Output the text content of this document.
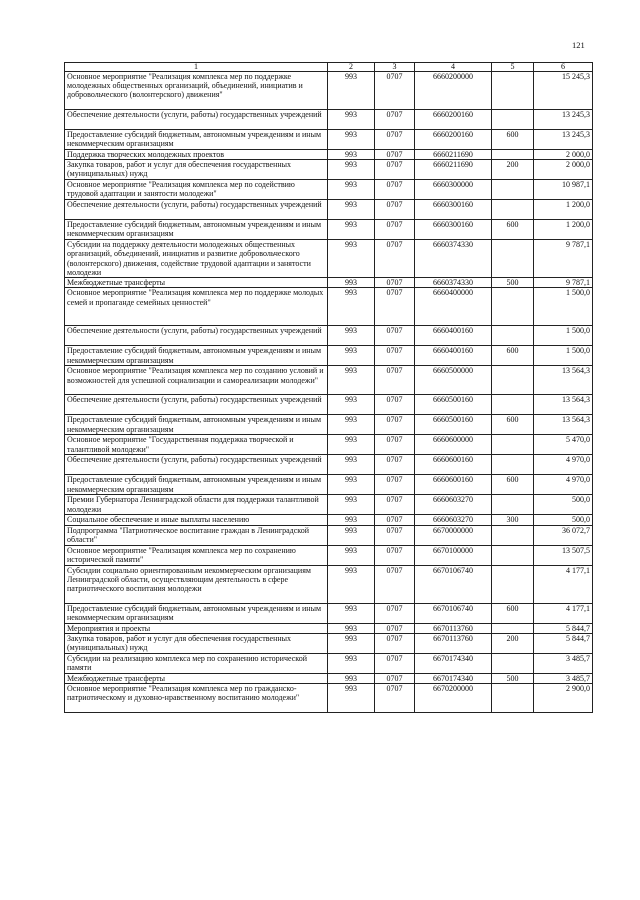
121
1	2	3	4	5	6
Основное мероприятие "Реализация комплекса мер по поддержке молодежных общественных организаций, объединений, инициатив и добровольческого (волонтерского) движения"	993	0707	6660200000		15 245,3
Обеспечение деятельности (услуги, работы) государственных учреждений	993	0707	6660200160		13 245,3
Предоставление субсидий бюджетным, автономным учреждениям и иным некоммерческим организациям	993	0707	6660200160	600	13 245,3
Поддержка творческих молодежных проектов	993	0707	6660211690		2 000,0
Закупка товаров, работ и услуг для обеспечения государственных (муниципальных) нужд	993	0707	6660211690	200	2 000,0
Основное мероприятие "Реализация комплекса мер по содействию трудовой адаптации и занятости молодежи"	993	0707	6660300000		10 987,1
Обеспечение деятельности (услуги, работы) государственных учреждений	993	0707	6660300160		1 200,0
Предоставление субсидий бюджетным, автономным учреждениям и иным некоммерческим организациям	993	0707	6660300160	600	1 200,0
Субсидии на поддержку деятельности молодежных общественных организаций, объединений, инициатив и развитие добровольческого (волонтерского) движения, содействие трудовой адаптации и занятости молодежи	993	0707	6660374330		9 787,1
Межбюджетные трансферты	993	0707	6660374330	500	9 787,1
Основное мероприятие "Реализация комплекса мер по поддержке молодых семей и пропаганде семейных ценностей"	993	0707	6660400000		1 500,0
Обеспечение деятельности (услуги, работы) государственных учреждений	993	0707	6660400160		1 500,0
Предоставление субсидий бюджетным, автономным учреждениям и иным некоммерческим организациям	993	0707	6660400160	600	1 500,0
Основное мероприятие "Реализация комплекса мер по созданию условий и возможностей для успешной социализации и самореализации молодежи"	993	0707	6660500000		13 564,3
Обеспечение деятельности (услуги, работы) государственных учреждений	993	0707	6660500160		13 564,3
Предоставление субсидий бюджетным, автономным учреждениям и иным некоммерческим организациям	993	0707	6660500160	600	13 564,3
Основное мероприятие "Государственная поддержка творческой и талантливой молодежи"	993	0707	6660600000		5 470,0
Обеспечение деятельности (услуги, работы) государственных учреждений	993	0707	6660600160		4 970,0
Предоставление субсидий бюджетным, автономным учреждениям и иным некоммерческим организациям	993	0707	6660600160	600	4 970,0
Премии Губернатора Ленинградской области для поддержки талантливой молодежи	993	0707	6660603270		500,0
Социальное обеспечение и иные выплаты населению	993	0707	6660603270	300	500,0
Подпрограмма "Патриотическое воспитание граждан в Ленинградской области"	993	0707	6670000000		36 072,7
Основное мероприятие "Реализация комплекса мер по сохранению исторической памяти"	993	0707	6670100000		13 507,5
Субсидии социально ориентированным некоммерческим организациям Ленинградской области, осуществляющим деятельность в сфере патриотического воспитания молодежи	993	0707	6670106740		4 177,1
Предоставление субсидий бюджетным, автономным учреждениям и иным некоммерческим организациям	993	0707	6670106740	600	4 177,1
Мероприятия и проекты	993	0707	6670113760		5 844,7
Закупка товаров, работ и услуг для обеспечения государственных (муниципальных) нужд	993	0707	6670113760	200	5 844,7
Субсидии на реализацию комплекса мер по сохранению исторической памяти	993	0707	6670174340		3 485,7
Межбюджетные трансферты	993	0707	6670174340	500	3 485,7
Основное мероприятие "Реализация комплекса мер по гражданско-патриотическому и духовно-нравственному воспитанию молодежи"	993	0707	6670200000		2 900,0
